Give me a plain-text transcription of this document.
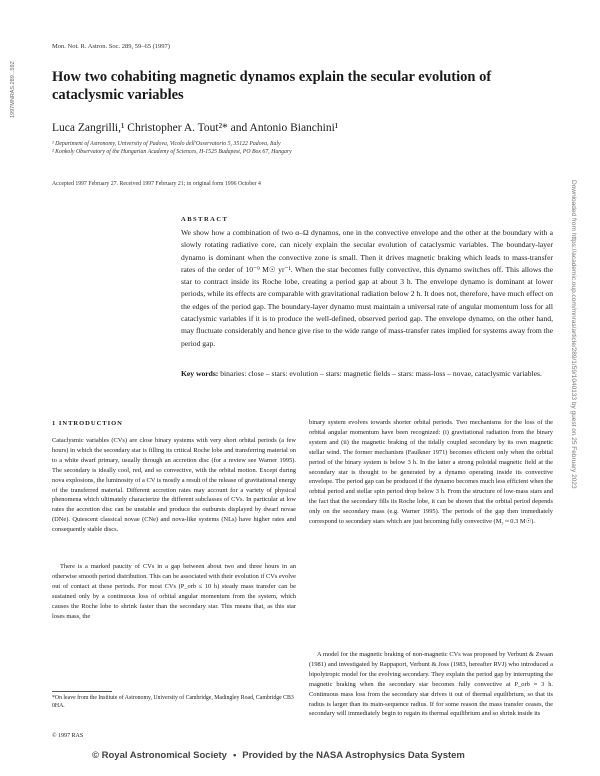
Mon. Not. R. Astron. Soc. 289, 59–65 (1997)
1997MNRAS.289...59Z
Downloaded from https://academic.oup.com/mnras/article/289/1/59/1040133 by guest on 25 February 2023
How two cohabiting magnetic dynamos explain the secular evolution of cataclysmic variables
Luca Zangrilli,¹ Christopher A. Tout²* and Antonio Bianchini¹
¹ Department of Astronomy, University of Padova, Vicolo dell'Osservatorio 5, 35122 Padova, Italy
² Konkoly Observatory of the Hungarian Academy of Sciences, H-1525 Budapest, PO Box 67, Hungary
Accepted 1997 February 27. Received 1997 February 21; in original form 1996 October 4
ABSTRACT
We show how a combination of two α–Ω dynamos, one in the convective envelope and the other at the boundary with a slowly rotating radiative core, can nicely explain the secular evolution of cataclysmic variables. The boundary-layer dynamo is dominant when the convective zone is small. Then it drives magnetic braking which leads to mass-transfer rates of the order of 10⁻⁹ M☉ yr⁻¹. When the star becomes fully convective, this dynamo switches off. This allows the star to contract inside its Roche lobe, creating a period gap at about 3 h. The envelope dynamo is dominant at lower periods, while its effects are comparable with gravitational radiation below 2 h. It does not, therefore, have much effect on the edges of the period gap. The boundary-layer dynamo must maintain a universal rate of angular momentum loss for all cataclysmic variables if it is to produce the well-defined, observed period gap. The envelope dynamo, on the other hand, may fluctuate considerably and hence give rise to the wide range of mass-transfer rates implied for systems away from the period gap.
Key words: binaries: close – stars: evolution – stars: magnetic fields – stars: mass-loss – novae, cataclysmic variables.
1 INTRODUCTION

Cataclysmic variables (CVs) are close binary systems with very short orbital periods (a few hours) in which the secondary star is filling its critical Roche lobe and transferring material on to a white dwarf primary, usually through an accretion disc (for a review see Warner 1995). The secondary is ideally cool, red, and so convective, with the orbital motion. Except during nova explosions, the luminosity of a CV is mostly a result of the release of gravitational energy of the transferred material. Different accretion rates may account for a variety of physical phenomena which ultimately characterize the different subclasses of CVs. In particular at low rates the accretion disc can be unstable and produce the outbursts displayed by dwarf novae (DNe). Quiescent classical novae (CNe) and nova-like systems (NLs) have higher rates and consequently stable discs.

There is a marked paucity of CVs in a gap between about two and three hours in an otherwise smooth period distribution. This can be associated with their evolution if CVs evolve out of contact at these periods. For most CVs (P_orb ≤ 10 h) steady mass transfer can be sustained only by a continuous loss of orbital angular momentum from the system, which causes the Roche lobe to shrink faster than the secondary star. This means that, as this star loses mass, the

binary system evolves towards shorter orbital periods. Two mechanisms for the loss of the orbital angular momentum have been recognized: (i) gravitational radiation from the binary system and (ii) the magnetic braking of the tidally coupled secondary by its own magnetic stellar wind. The former mechanism (Faulkner 1971) becomes efficient only when the orbital period of the binary system is below 3 h. In the latter a strong poloidal magnetic field at the secondary star is thought to be generated by a dynamo operating inside its convective envelope. The period gap can be produced if the dynamo becomes much less efficient when the orbital period and stellar spin period drop below 3 h. From the structure of low-mass stars and the fact that the secondary fills its Roche lobe, it can be shown that the orbital period depends only on the secondary mass (e.g. Warner 1995). The periods of the gap then immediately correspond to secondary stars which are just becoming fully convective (M₂ ≈ 0.3 M☉).

A model for the magnetic braking of non-magnetic CVs was proposed by Verbunt & Zwaan (1981) and investigated by Rappaport, Verbunt & Joss (1983, hereafter RVJ) who introduced a bipolytropic model for the evolving secondary. They explain the period gap by interrupting the magnetic braking when the secondary star becomes fully convective at P_orb ≈ 3 h. Continuous mass loss from the secondary star drives it out of thermal equilibrium, so that its radius is larger than its main-sequence radius. If for some reason the mass transfer ceases, the secondary will immediately begin to regain its thermal equilibrium and so shrink inside its

*On leave from the Institute of Astronomy, University of Cambridge, Madingley Road, Cambridge CB3 0HA.
© 1997 RAS
© Royal Astronomical Society • Provided by the NASA Astrophysics Data System
